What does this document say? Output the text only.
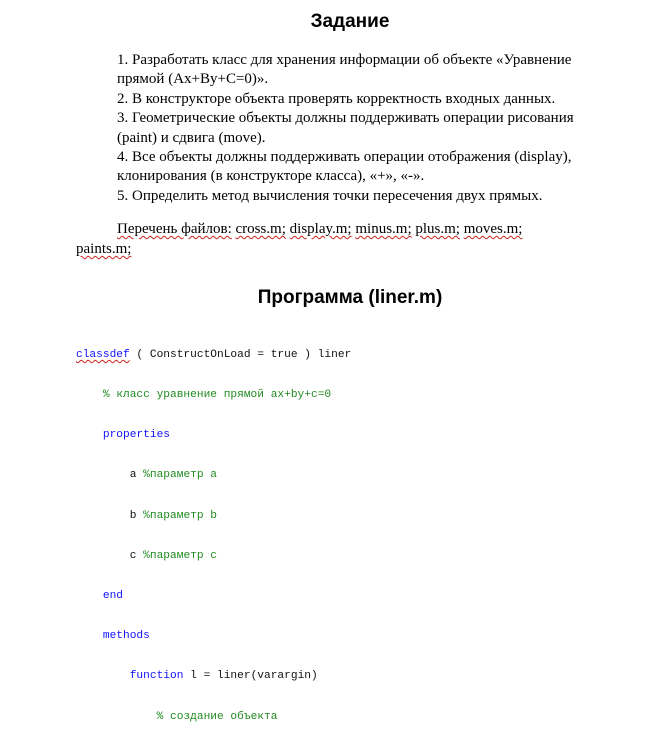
Задание
1. Разработать класс для хранения информации об объекте «Уравнение
прямой (Ax+By+C=0)».
2. В конструкторе объекта проверять корректность входных данных.
3. Геометрические объекты должны поддерживать операции рисования
(paint) и сдвига (move).
4. Все объекты должны поддерживать операции отображения (display),
клонирования (в конструкторе класса), «+», «-».
5. Определить метод вычисления точки пересечения двух прямых.
Перечень файлов: cross.m; display.m; minus.m; plus.m; moves.m;
paints.m;
Программа (liner.m)

classdef ( ConstructOnLoad = true ) liner

% класс уравнение прямой ax+by+c=0

properties

a %параметр a

b %параметр b

c %параметр c

end

methods

function l = liner(varargin)

% создание объекта
